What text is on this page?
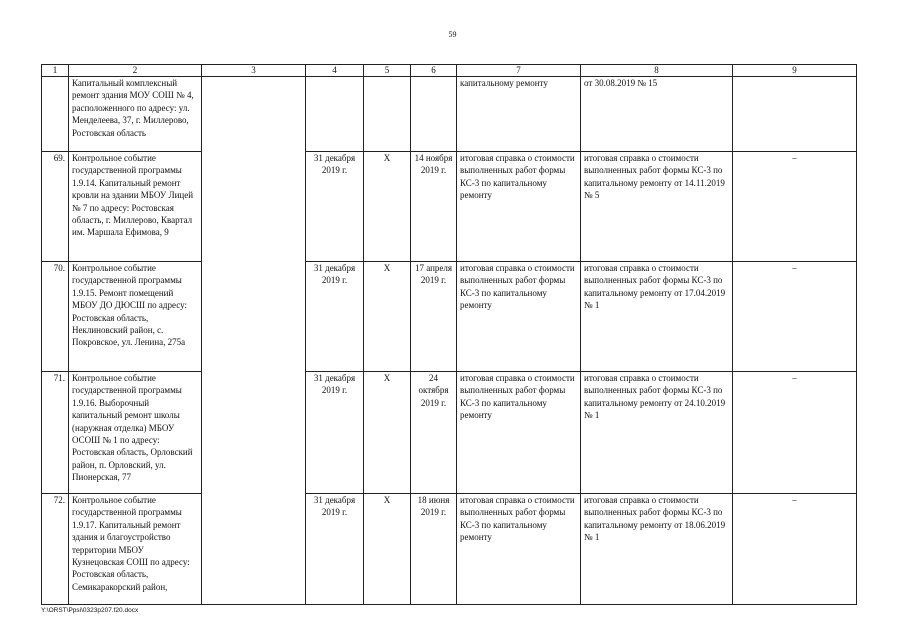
59
1	2	3	4	5	6	7	8	9
	Капитальный комплексный ремонт здания МОУ СОШ № 4, расположенного по адресу: ул. Менделеева, 37, г. Миллерово, Ростовская область					капитальному ремонту	от 30.08.2019 № 15	
69.	Контрольное событие государственной программы 1.9.14. Капитальный ремонт кровли на здании МБОУ Лицей № 7 по адресу: Ростовская область, г. Миллерово, Квартал им. Маршала Ефимова, 9		31 декабря 2019 г.	X	14 ноября 2019 г.	итоговая справка о стоимости выполненных работ формы КС-3 по капитальному ремонту	итоговая справка о стоимости выполненных работ формы КС-3 по капитальному ремонту от 14.11.2019 № 5	–
70.	Контрольное событие государственной программы 1.9.15. Ремонт помещений МБОУ ДО ДЮСШ по адресу: Ростовская область, Неклиновский район, с. Покровское, ул. Ленина, 275а		31 декабря 2019 г.	X	17 апреля 2019 г.	итоговая справка о стоимости выполненных работ формы КС-3 по капитальному ремонту	итоговая справка о стоимости выполненных работ формы КС-3 по капитальному ремонту от 17.04.2019 № 1	–
71.	Контрольное событие государственной программы 1.9.16. Выборочный капитальный ремонт школы (наружная отделка) МБОУ ОСОШ № 1 по адресу: Ростовская область, Орловский район, п. Орловский, ул. Пионерская, 77		31 декабря 2019 г.	X	24 октября 2019 г.	итоговая справка о стоимости выполненных работ формы КС-3 по капитальному ремонту	итоговая справка о стоимости выполненных работ формы КС-3 по капитальному ремонту от 24.10.2019 № 1	–
72.	Контрольное событие государственной программы 1.9.17. Капитальный ремонт здания и благоустройство территории МБОУ Кузнецовская СОШ по адресу: Ростовская область, Семикаракорский район,		31 декабря 2019 г.	X	18 июня 2019 г.	итоговая справка о стоимости выполненных работ формы КС-3 по капитальному ремонту	итоговая справка о стоимости выполненных работ формы КС-3 по капитальному ремонту от 18.06.2019 № 1	–
Y:\ORST\Ppsi\0323p207.f20.docx
